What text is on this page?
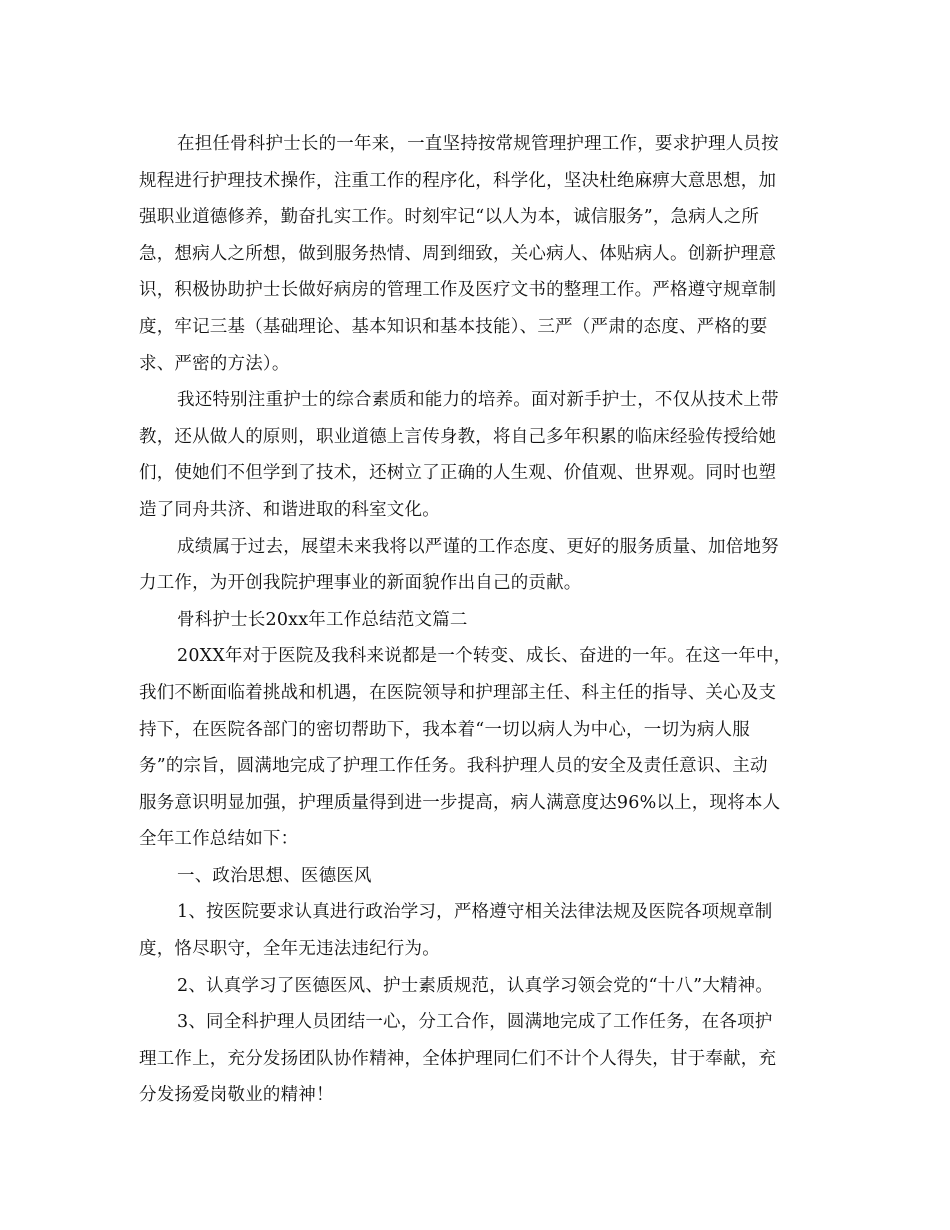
在担任骨科护士长的一年来，一直坚持按常规管理护理工作，要求护理人员按
规程进行护理技术操作，注重工作的程序化，科学化，坚决杜绝麻痹大意思想，加
强职业道德修养，勤奋扎实工作。时刻牢记“以人为本，诚信服务”，急病人之所
急，想病人之所想，做到服务热情、周到细致，关心病人、体贴病人。创新护理意
识，积极协助护士长做好病房的管理工作及医疗文书的整理工作。严格遵守规章制
度，牢记三基（基础理论、基本知识和基本技能）、三严（严肃的态度、严格的要
求、严密的方法）。

我还特别注重护士的综合素质和能力的培养。面对新手护士，不仅从技术上带
教，还从做人的原则，职业道德上言传身教，将自己多年积累的临床经验传授给她
们，使她们不但学到了技术，还树立了正确的人生观、价值观、世界观。同时也塑
造了同舟共济、和谐进取的科室文化。

成绩属于过去，展望未来我将以严谨的工作态度、更好的服务质量、加倍地努
力工作，为开创我院护理事业的新面貌作出自己的贡献。

骨科护士长20xx年工作总结范文篇二

20XX年对于医院及我科来说都是一个转变、成长、奋进的一年。在这一年中，
我们不断面临着挑战和机遇，在医院领导和护理部主任、科主任的指导、关心及支
持下，在医院各部门的密切帮助下，我本着“一切以病人为中心，一切为病人服
务”的宗旨，圆满地完成了护理工作任务。我科护理人员的安全及责任意识、主动
服务意识明显加强，护理质量得到进一步提高，病人满意度达96%以上，现将本人
全年工作总结如下：

一、政治思想、医德医风

1、按医院要求认真进行政治学习，严格遵守相关法律法规及医院各项规章制
度，恪尽职守，全年无违法违纪行为。

2、认真学习了医德医风、护士素质规范，认真学习领会党的“十八”大精神。

3、同全科护理人员团结一心，分工合作，圆满地完成了工作任务，在各项护
理工作上，充分发扬团队协作精神，全体护理同仁们不计个人得失，甘于奉献，充
分发扬爱岗敬业的精神！
